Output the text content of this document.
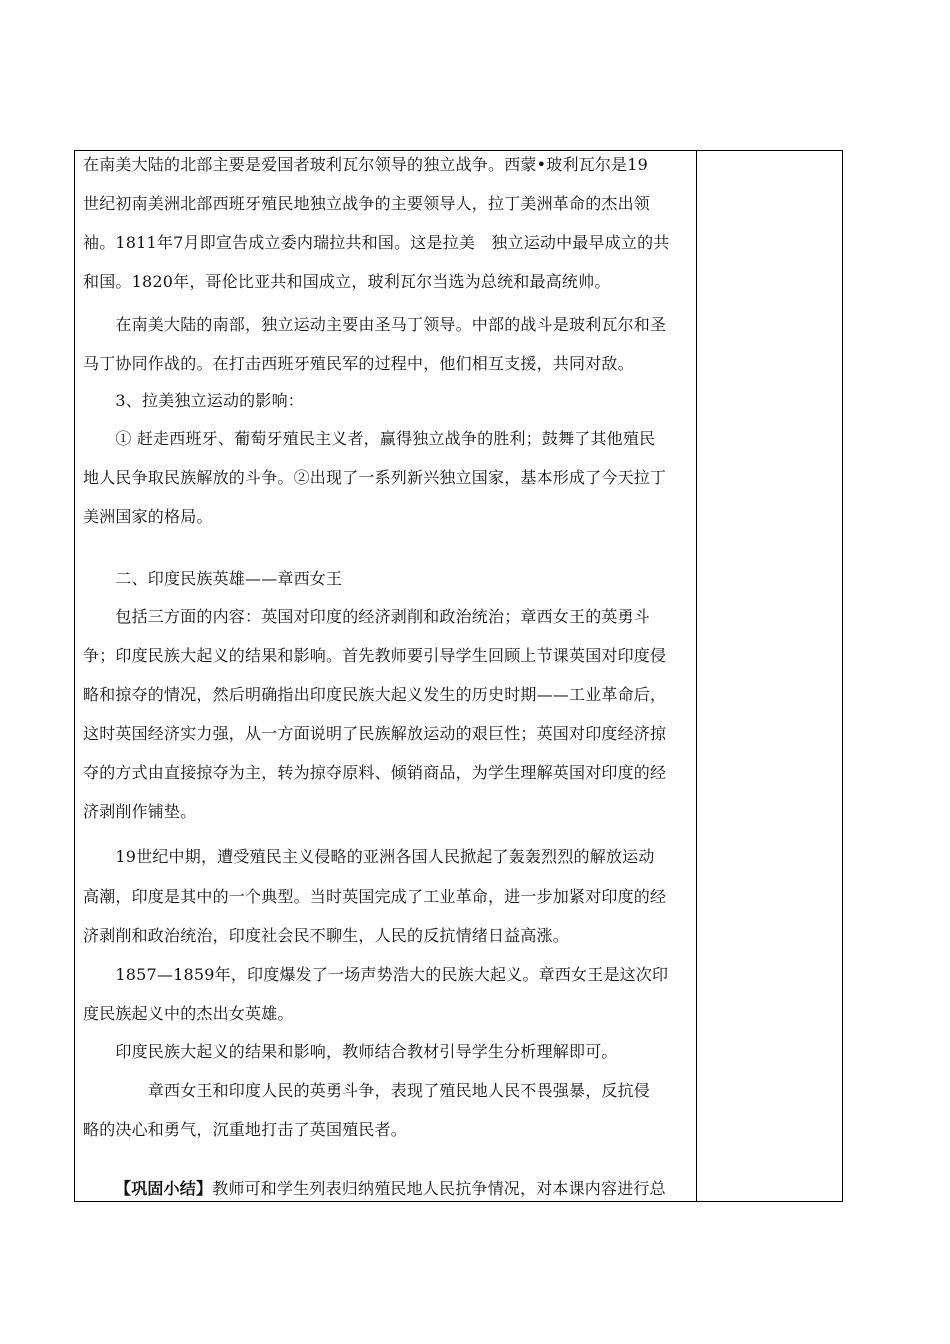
在南美大陆的北部主要是爱国者玻利瓦尔领导的独立战争。西蒙•玻利瓦尔是19
世纪初南美洲北部西班牙殖民地独立战争的主要领导人，拉丁美洲革命的杰出领
袖。1811年7月即宣告成立委内瑞拉共和国。这是拉美　独立运动中最早成立的共
和国。1820年，哥伦比亚共和国成立，玻利瓦尔当选为总统和最高统帅。
　　在南美大陆的南部，独立运动主要由圣马丁领导。中部的战斗是玻利瓦尔和圣
马丁协同作战的。在打击西班牙殖民军的过程中，他们相互支援，共同对敌。
　　3、拉美独立运动的影响：
　　① 赶走西班牙、葡萄牙殖民主义者，赢得独立战争的胜利；鼓舞了其他殖民
地人民争取民族解放的斗争。②出现了一系列新兴独立国家，基本形成了今天拉丁
美洲国家的格局。
　　二、印度民族英雄——章西女王
　　包括三方面的内容：英国对印度的经济剥削和政治统治；章西女王的英勇斗
争；印度民族大起义的结果和影响。首先教师要引导学生回顾上节课英国对印度侵
略和掠夺的情况，然后明确指出印度民族大起义发生的历史时期——工业革命后，
这时英国经济实力强，从一方面说明了民族解放运动的艰巨性；英国对印度经济掠
夺的方式由直接掠夺为主，转为掠夺原料、倾销商品，为学生理解英国对印度的经
济剥削作铺垫。
　　19世纪中期，遭受殖民主义侵略的亚洲各国人民掀起了轰轰烈烈的解放运动
高潮，印度是其中的一个典型。当时英国完成了工业革命，进一步加紧对印度的经
济剥削和政治统治，印度社会民不聊生，人民的反抗情绪日益高涨。
　　1857—1859年，印度爆发了一场声势浩大的民族大起义。章西女王是这次印
度民族起义中的杰出女英雄。
　　印度民族大起义的结果和影响，教师结合教材引导学生分析理解即可。
　　　　章西女王和印度人民的英勇斗争，表现了殖民地人民不畏强暴，反抗侵
略的决心和勇气，沉重地打击了英国殖民者。
【巩固小结】教师可和学生列表归纳殖民地人民抗争情况，对本课内容进行总
